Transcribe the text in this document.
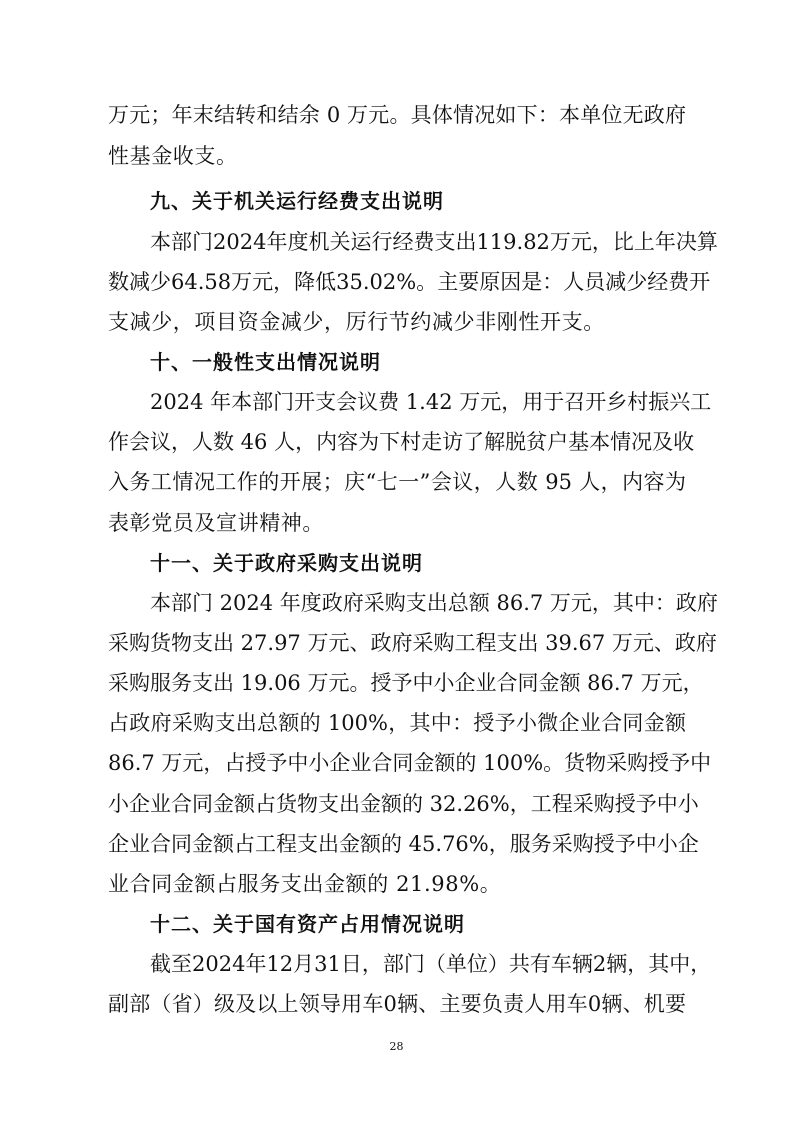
万元；年末结转和结余 0 万元。具体情况如下：本单位无政府

性基金收支。

九、关于机关运行经费支出说明

本部门2024年度机关运行经费支出119.82万元，比上年决算

数减少64.58万元，降低35.02%。主要原因是：人员减少经费开

支减少，项目资金减少，厉行节约减少非刚性开支。

十、一般性支出情况说明

2024 年本部门开支会议费 1.42 万元，用于召开乡村振兴工

作会议，人数 46 人，内容为下村走访了解脱贫户基本情况及收

入务工情况工作的开展；庆“七一”会议，人数 95 人，内容为

表彰党员及宣讲精神。

十一、关于政府采购支出说明

本部门 2024 年度政府采购支出总额 86.7 万元，其中：政府

采购货物支出 27.97 万元、政府采购工程支出 39.67 万元、政府

采购服务支出 19.06 万元。授予中小企业合同金额 86.7 万元，

占政府采购支出总额的 100%，其中：授予小微企业合同金额

86.7 万元，占授予中小企业合同金额的 100%。货物采购授予中

小企业合同金额占货物支出金额的 32.26%，工程采购授予中小

企业合同金额占工程支出金额的 45.76%，服务采购授予中小企

业合同金额占服务支出金额的 21.98%。

十二、关于国有资产占用情况说明

截至2024年12月31日，部门（单位）共有车辆2辆，其中，

副部（省）级及以上领导用车0辆、主要负责人用车0辆、机要

28
